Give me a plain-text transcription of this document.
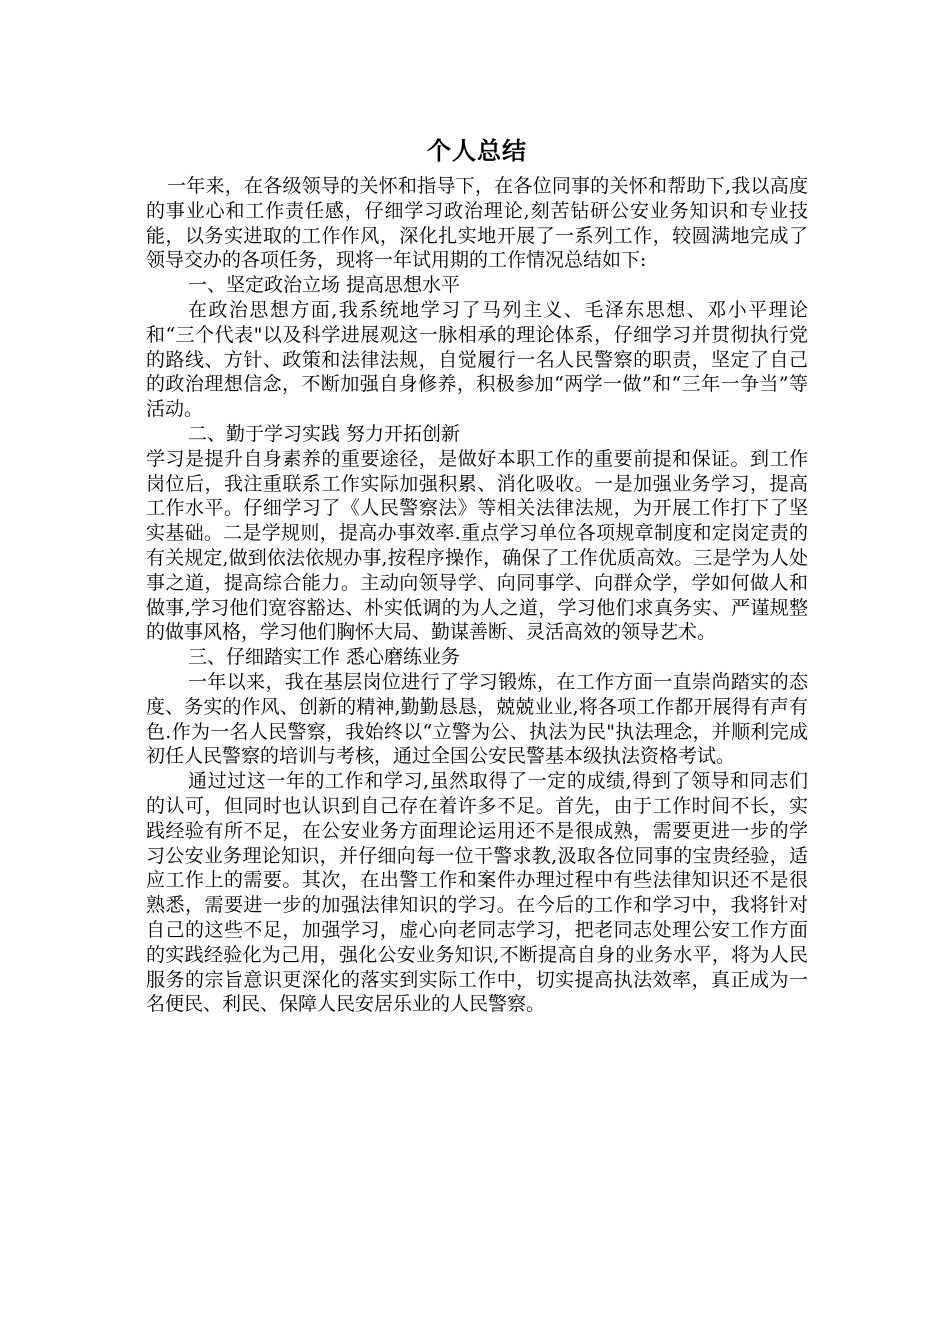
个人总结

一年来，在各级领导的关怀和指导下，在各位同事的关怀和帮助下,我以高度的事业心和工作责任感，仔细学习政治理论,刻苦钻研公安业务知识和专业技能，以务实进取的工作作风，深化扎实地开展了一系列工作，较圆满地完成了领导交办的各项任务，现将一年试用期的工作情况总结如下:

一、坚定政治立场 提高思想水平

在政治思想方面,我系统地学习了马列主义、毛泽东思想、邓小平理论和“三个代表"以及科学进展观这一脉相承的理论体系，仔细学习并贯彻执行党的路线、方针、政策和法律法规，自觉履行一名人民警察的职责，坚定了自己的政治理想信念，不断加强自身修养，积极参加“两学一做”和“三年一争当”等活动。

二、勤于学习实践 努力开拓创新

学习是提升自身素养的重要途径，是做好本职工作的重要前提和保证。到工作岗位后，我注重联系工作实际加强积累、消化吸收。一是加强业务学习，提高工作水平。仔细学习了《人民警察法》等相关法律法规，为开展工作打下了坚实基础。二是学规则，提高办事效率.重点学习单位各项规章制度和定岗定责的有关规定,做到依法依规办事,按程序操作，确保了工作优质高效。三是学为人处事之道，提高综合能力。主动向领导学、向同事学、向群众学，学如何做人和做事,学习他们宽容豁达、朴实低调的为人之道，学习他们求真务实、严谨规整的做事风格，学习他们胸怀大局、勤谋善断、灵活高效的领导艺术。

三、仔细踏实工作 悉心磨练业务

一年以来，我在基层岗位进行了学习锻炼，在工作方面一直崇尚踏实的态度、务实的作风、创新的精神,勤勤恳恳，兢兢业业,将各项工作都开展得有声有色.作为一名人民警察，我始终以“立警为公、执法为民"执法理念，并顺利完成初任人民警察的培训与考核，通过全国公安民警基本级执法资格考试。

通过过这一年的工作和学习,虽然取得了一定的成绩,得到了领导和同志们的认可，但同时也认识到自己存在着许多不足。首先，由于工作时间不长，实践经验有所不足，在公安业务方面理论运用还不是很成熟，需要更进一步的学习公安业务理论知识，并仔细向每一位干警求教,汲取各位同事的宝贵经验，适应工作上的需要。其次，在出警工作和案件办理过程中有些法律知识还不是很熟悉，需要进一步的加强法律知识的学习。在今后的工作和学习中，我将针对自己的这些不足，加强学习，虚心向老同志学习，把老同志处理公安工作方面的实践经验化为己用，强化公安业务知识,不断提高自身的业务水平，将为人民服务的宗旨意识更深化的落实到实际工作中，切实提高执法效率，真正成为一名便民、利民、保障人民安居乐业的人民警察。
